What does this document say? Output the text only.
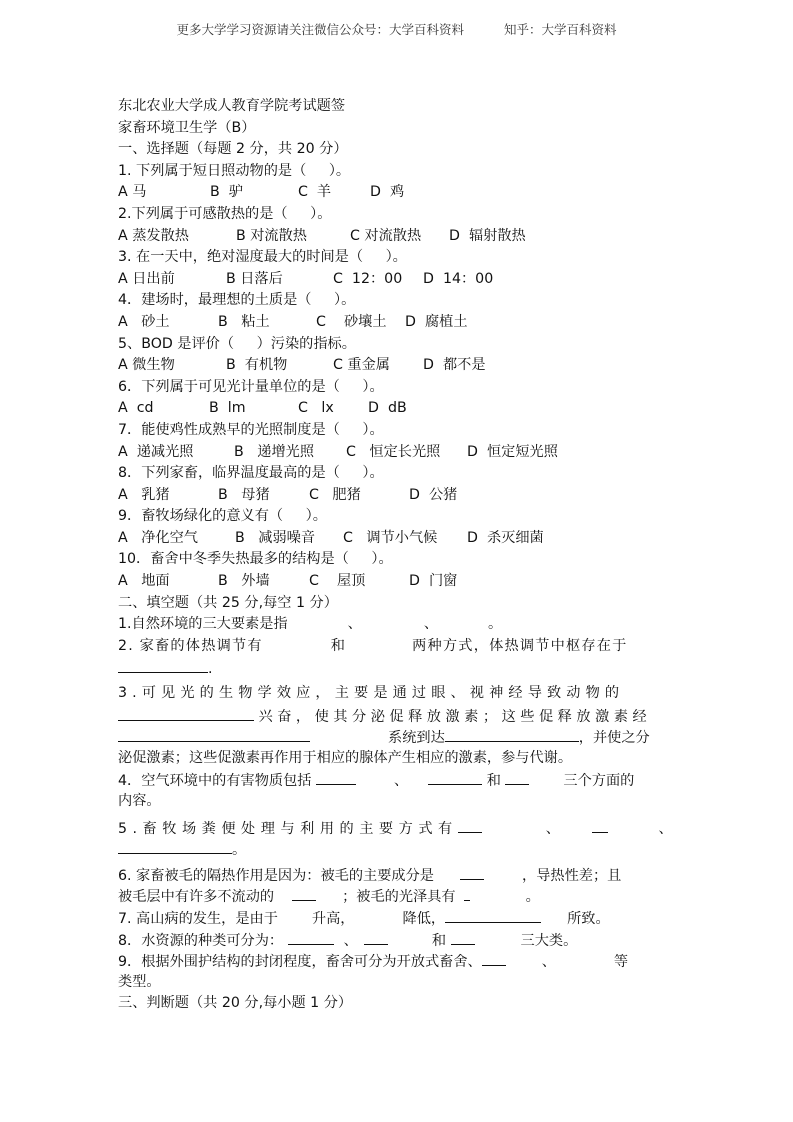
更多大学学习资源请关注微信公众号：大学百科资料	知乎：大学百科资料
东北农业大学成人教育学院考试题签
家畜环境卫生学（B）
一、选择题（每题 2 分，共 20 分）
1. 下列属于短日照动物的是（     ）。
A 马	B  驴	C  羊	D  鸡
2.下列属于可感散热的是（     ）。
A 蒸发散热	B 对流散热	C 对流散热	D  辐射散热
3. 在一天中，绝对湿度最大的时间是（     ）。
A 日出前	B 日落后	C  12：00	D  14：00
4．建场时，最理想的土质是（     ）。
A   砂土	B   粘土	C    砂壤土	D  腐植土
5、BOD 是评价（     ）污染的指标。
A 微生物	B  有机物	C 重金属	D  都不是
6．下列属于可见光计量单位的是（     ）。
A  cd	B  lm	C   lx	D  dB
7．能使鸡性成熟早的光照制度是（     ）。
A  递减光照	B   递增光照	C   恒定长光照	D  恒定短光照
8．下列家畜，临界温度最高的是（     ）。
A   乳猪	B   母猪	C   肥猪	D  公猪
9．畜牧场绿化的意义有（     ）。
A   净化空气	B   减弱噪音	C   调节小气候	D  杀灭细菌
10．畜舍中冬季失热最多的结构是（     ）。
A   地面	B   外墙	C    屋顶	D  门窗
二、填空题（共 25 分,每空 1 分）
1.自然环境的三大要素是指	、	、	。
2. 家畜的体热调节有	和	两种方式，体热调节中枢存在于
.
3 . 可 见 光 的 生 物 学 效 应 ， 主 要 是 通 过 眼 、 视 神 经 导 致 动 物 的
兴 奋 ， 使 其 分 泌 促 释 放 激 素 ； 这 些 促 释 放 激 素 经
系统到达	，并使之分
泌促激素；这些促激素再作用于相应的腺体产生相应的激素，参与代谢。
4．空气环境中的有害物质包括	、	和	三个方面的
内容。
5 . 畜 牧 场 粪 便 处 理 与 利 用 的 主 要 方 式 有	、	、
。
6. 家畜被毛的隔热作用是因为：被毛的主要成分是	，导热性差；且
被毛层中有许多不流动的	；被毛的光泽具有	。
7. 高山病的发生，是由于 升高，	降低，	所致。
8．水资源的种类可分为：	、	和	三大类。
9．根据外围护结构的封闭程度，畜舍可分为开放式畜舍、	、	等
类型。
三、判断题（共 20 分,每小题 1 分）
